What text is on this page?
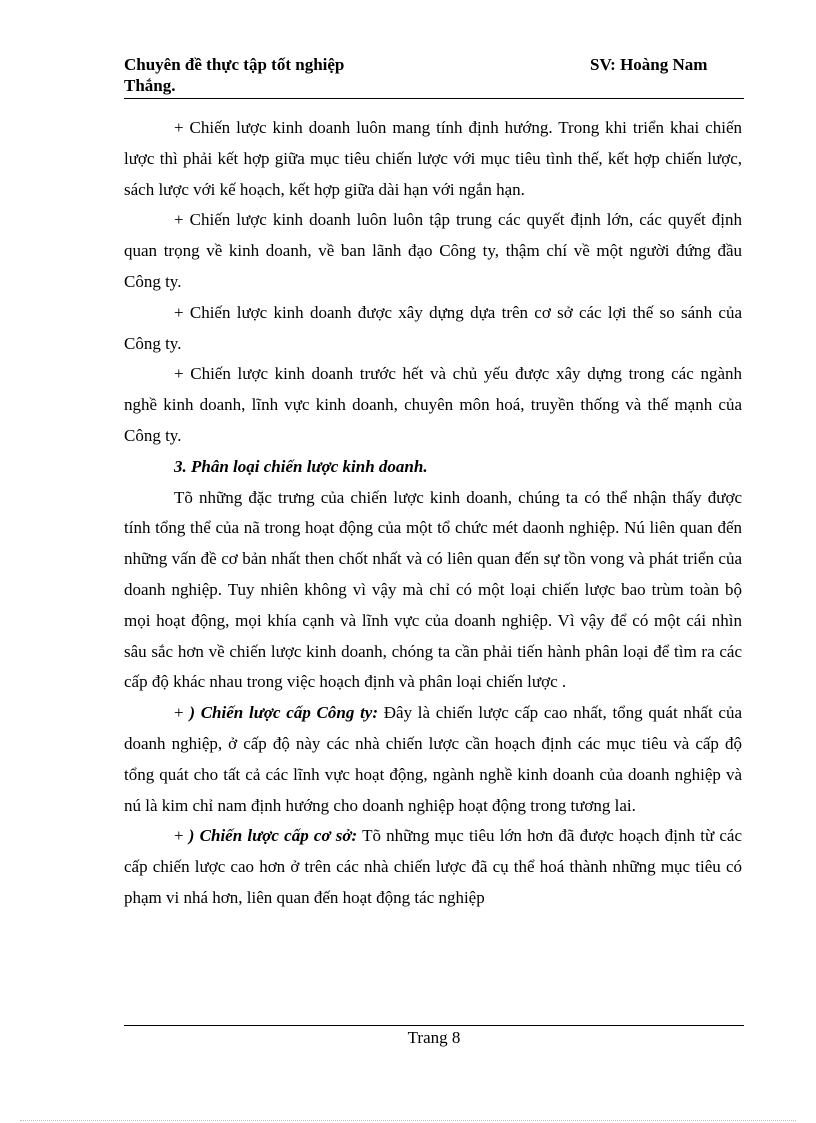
Chuyên đề thực tập tốt nghiệp	SV: Hoàng Nam
Thắng.

+ Chiến lược kinh doanh luôn mang tính định hướng. Trong khi triển khai chiến lược thì phải kết hợp giữa mục tiêu chiến lược với mục tiêu tình thế, kết hợp chiến lược, sách lược với kế hoạch, kết hợp giữa dài hạn với ngắn hạn.

+ Chiến lược kinh doanh luôn luôn tập trung các quyết định lớn, các quyết định quan trọng về kinh doanh, về ban lãnh đạo Công ty, thậm chí về một người đứng đầu Công ty.

+ Chiến lược kinh doanh được xây dựng dựa trên cơ sở các lợi thế so sánh của Công ty.

+ Chiến lược kinh doanh trước hết và chủ yếu được xây dựng trong các ngành nghề kinh doanh, lĩnh vực kinh doanh, chuyên môn hoá, truyền thống và thế mạnh của Công ty.

3. Phân loại chiến lược kinh doanh.

Tõ những đặc trưng của chiến lược kinh doanh, chúng ta có thể nhận thấy được tính tổng thể của nã trong hoạt động của một tổ chức mét daonh nghiệp. Nú liên quan đến những vấn đề cơ bản nhất then chốt nhất và có liên quan đến sự tồn vong và phát triển của doanh nghiệp. Tuy nhiên không vì vậy mà chỉ có một loại chiến lược bao trùm toàn bộ mọi hoạt động, mọi khía cạnh và lĩnh vực của doanh nghiệp. Vì vậy để có một cái nhìn sâu sắc hơn về chiến lược kinh doanh, chóng ta cần phải tiến hành phân loại để tìm ra các cấp độ khác nhau trong việc hoạch định và phân loại chiến lược .

+ ) Chiến lược cấp Công ty: Đây là chiến lược cấp cao nhất, tổng quát nhất của doanh nghiệp, ở cấp độ này các nhà chiến lược cần hoạch định các mục tiêu và cấp độ tổng quát cho tất cả các lĩnh vực hoạt động, ngành nghề kinh doanh của doanh nghiệp và nú là kim chỉ nam định hướng cho doanh nghiệp hoạt động trong tương lai.

+ ) Chiến lược cấp cơ sở: Tõ những mục tiêu lớn hơn đã được hoạch định từ các cấp chiến lược cao hơn ở trên các nhà chiến lược đã cụ thể hoá thành những mục tiêu có phạm vi nhá hơn, liên quan đến hoạt động tác nghiệp

Trang 8
